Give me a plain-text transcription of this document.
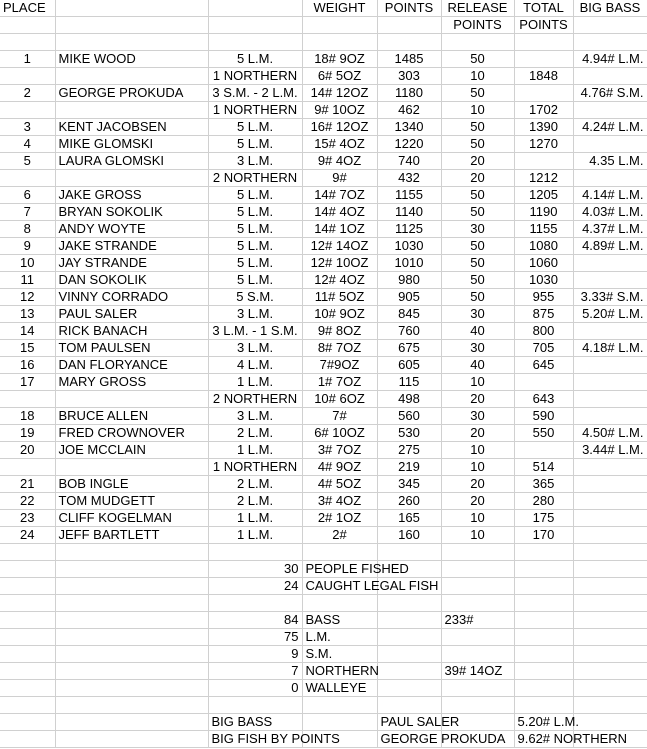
PLACE			WEIGHT	POINTS	RELEASE	TOTAL	BIG BASS
					POINTS	POINTS	

1	MIKE WOOD	5 L.M.	18# 9OZ	1485	50		4.94# L.M.
		1 NORTHERN	6# 5OZ	303	10	1848	
2	GEORGE PROKUDA	3 S.M. - 2 L.M.	14# 12OZ	1180	50		4.76# S.M.
		1 NORTHERN	9# 10OZ	462	10	1702	
3	KENT JACOBSEN	5 L.M.	16# 12OZ	1340	50	1390	4.24# L.M.
4	MIKE GLOMSKI	5 L.M.	15# 4OZ	1220	50	1270	
5	LAURA GLOMSKI	3 L.M.	9# 4OZ	740	20		4.35 L.M.
		2 NORTHERN	9#	432	20	1212	
6	JAKE GROSS	5 L.M.	14# 7OZ	1155	50	1205	4.14# L.M.
7	BRYAN SOKOLIK	5 L.M.	14# 4OZ	1140	50	1190	4.03# L.M.
8	ANDY WOYTE	5 L.M.	14# 1OZ	1125	30	1155	4.37# L.M.
9	JAKE STRANDE	5 L.M.	12# 14OZ	1030	50	1080	4.89# L.M.
10	JAY STRANDE	5 L.M.	12# 10OZ	1010	50	1060	
11	DAN SOKOLIK	5 L.M.	12# 4OZ	980	50	1030	
12	VINNY CORRADO	5 S.M.	11# 5OZ	905	50	955	3.33# S.M.
13	PAUL SALER	3 L.M.	10# 9OZ	845	30	875	5.20# L.M.
14	RICK BANACH	3 L.M. - 1 S.M.	9# 8OZ	760	40	800	
15	TOM PAULSEN	3 L.M.	8# 7OZ	675	30	705	4.18# L.M.
16	DAN FLORYANCE	4 L.M.	7#9OZ	605	40	645	
17	MARY GROSS	1 L.M.	1# 7OZ	115	10		
		2 NORTHERN	10# 6OZ	498	20	643	
18	BRUCE ALLEN	3 L.M.	7#	560	30	590	
19	FRED CROWNOVER	2 L.M.	6# 10OZ	530	20	550	4.50# L.M.
20	JOE MCCLAIN	1 L.M.	3# 7OZ	275	10		3.44# L.M.
		1 NORTHERN	4# 9OZ	219	10	514	
21	BOB INGLE	2 L.M.	4# 5OZ	345	20	365	
22	TOM MUDGETT	2 L.M.	3# 4OZ	260	20	280	
23	CLIFF KOGELMAN	1 L.M.	2# 1OZ	165	10	175	
24	JEFF BARTLETT	1 L.M.	2#	160	10	170	

		30	PEOPLE FISHED				
		24	CAUGHT LEGAL FISH				

		84	BASS		233#		
		75	L.M.				
		9	S.M.				
		7	NORTHERN		39# 14OZ		
		0	WALLEYE				

		BIG BASS		PAUL SALER		5.20# L.M.	
		BIG FISH BY POINTS		GEORGE PROKUDA		9.62# NORTHERN	
